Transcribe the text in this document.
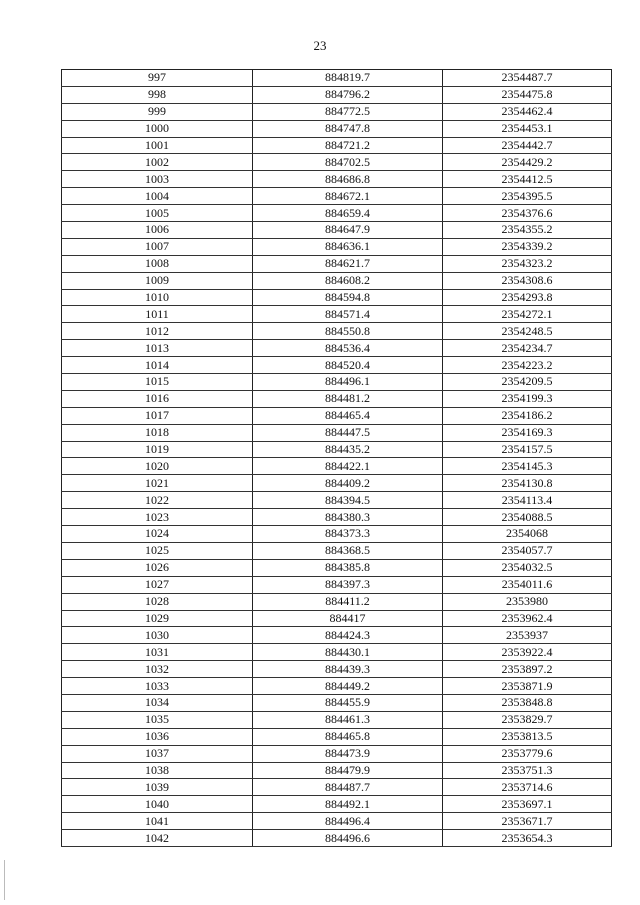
23
997	884819.7	2354487.7
998	884796.2	2354475.8
999	884772.5	2354462.4
1000	884747.8	2354453.1
1001	884721.2	2354442.7
1002	884702.5	2354429.2
1003	884686.8	2354412.5
1004	884672.1	2354395.5
1005	884659.4	2354376.6
1006	884647.9	2354355.2
1007	884636.1	2354339.2
1008	884621.7	2354323.2
1009	884608.2	2354308.6
1010	884594.8	2354293.8
1011	884571.4	2354272.1
1012	884550.8	2354248.5
1013	884536.4	2354234.7
1014	884520.4	2354223.2
1015	884496.1	2354209.5
1016	884481.2	2354199.3
1017	884465.4	2354186.2
1018	884447.5	2354169.3
1019	884435.2	2354157.5
1020	884422.1	2354145.3
1021	884409.2	2354130.8
1022	884394.5	2354113.4
1023	884380.3	2354088.5
1024	884373.3	2354068
1025	884368.5	2354057.7
1026	884385.8	2354032.5
1027	884397.3	2354011.6
1028	884411.2	2353980
1029	884417	2353962.4
1030	884424.3	2353937
1031	884430.1	2353922.4
1032	884439.3	2353897.2
1033	884449.2	2353871.9
1034	884455.9	2353848.8
1035	884461.3	2353829.7
1036	884465.8	2353813.5
1037	884473.9	2353779.6
1038	884479.9	2353751.3
1039	884487.7	2353714.6
1040	884492.1	2353697.1
1041	884496.4	2353671.7
1042	884496.6	2353654.3
